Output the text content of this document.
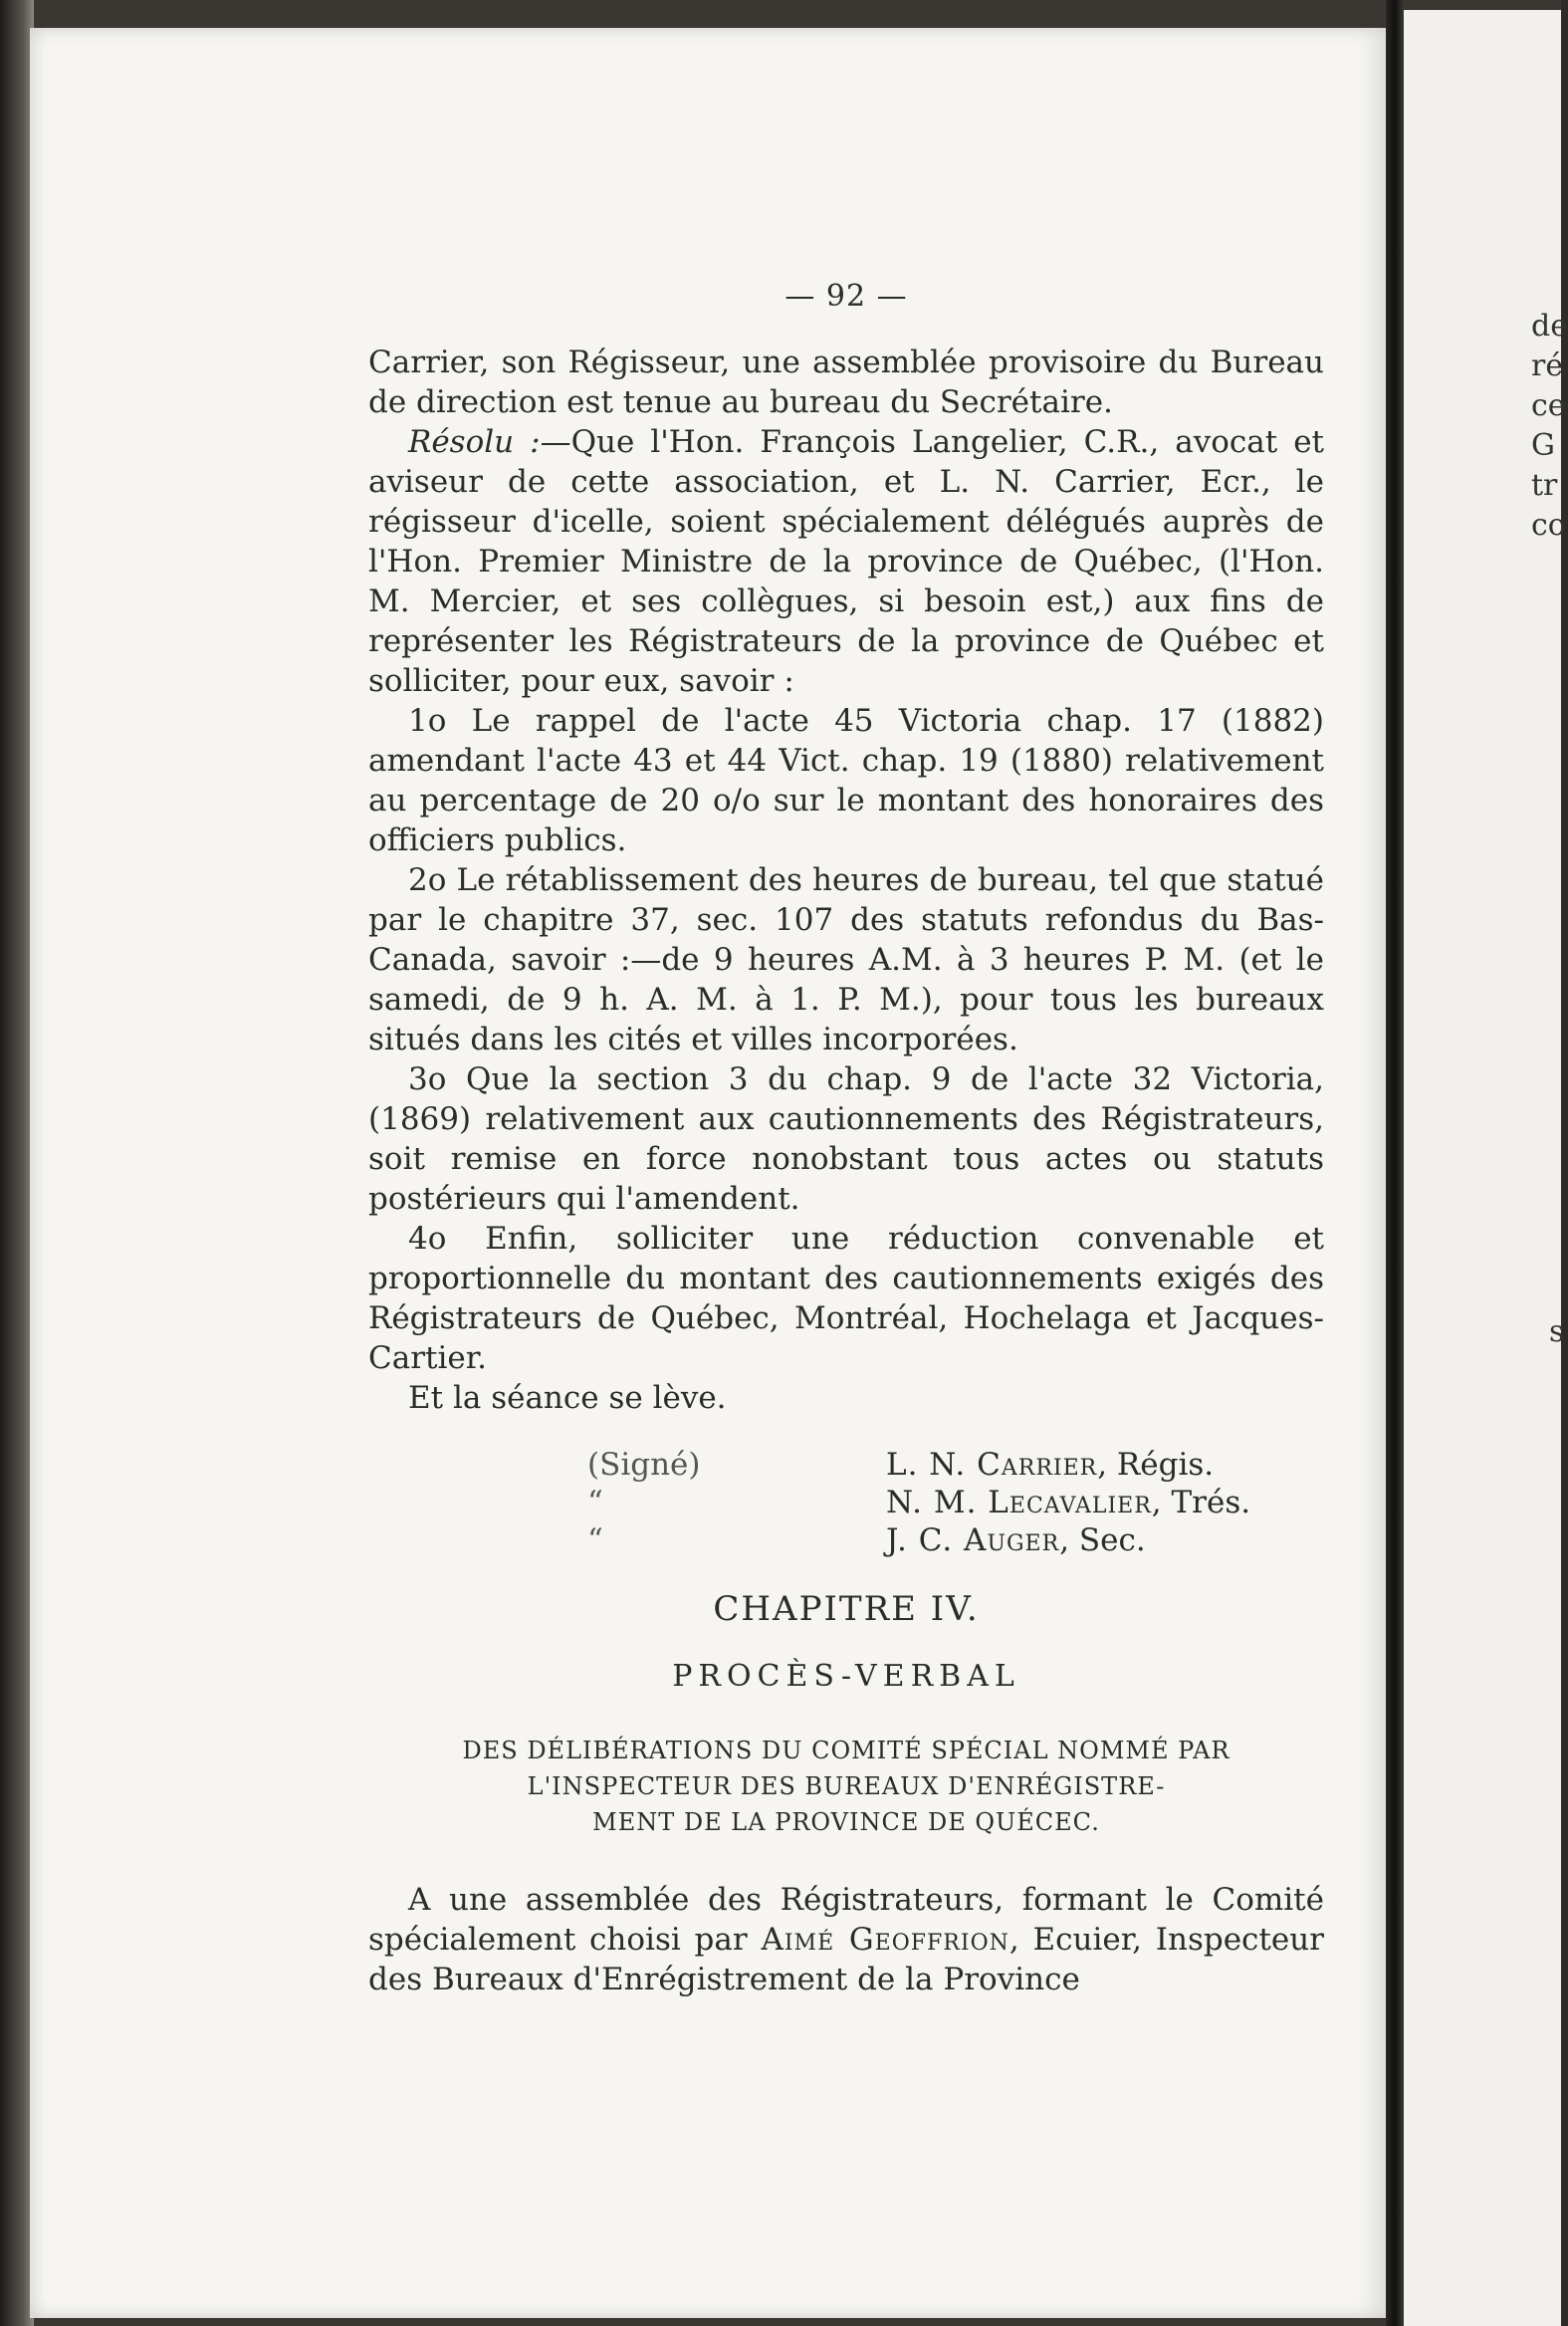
— 92 —

Carrier, son Régisseur, une assemblée provisoire du Bureau de direction est tenue au bureau du Secrétaire.

Résolu :—Que l'Hon. François Langelier, C.R., avocat et aviseur de cette association, et L. N. Carrier, Ecr., le régisseur d'icelle, soient spécialement délégués auprès de l'Hon. Premier Ministre de la province de Québec, (l'Hon. M. Mercier, et ses collègues, si besoin est,) aux fins de représenter les Régistrateurs de la province de Québec et solliciter, pour eux, savoir :

1o Le rappel de l'acte 45 Victoria chap. 17 (1882) amendant l'acte 43 et 44 Vict. chap. 19 (1880) relativement au percentage de 20 o/o sur le montant des honoraires des officiers publics.

2o Le rétablissement des heures de bureau, tel que statué par le chapitre 37, sec. 107 des statuts refondus du Bas-Canada, savoir :—de 9 heures A.M. à 3 heures P. M. (et le samedi, de 9 h. A. M. à 1. P. M.), pour tous les bureaux situés dans les cités et villes incorporées.

3o Que la section 3 du chap. 9 de l'acte 32 Victoria, (1869) relativement aux cautionnements des Régistrateurs, soit remise en force nonobstant tous actes ou statuts postérieurs qui l'amendent.

4o Enfin, solliciter une réduction convenable et proportionnelle du montant des cautionnements exigés des Régistrateurs de Québec, Montréal, Hochelaga et Jacques-Cartier.

Et la séance se lève.

(Signé)	L. N. Carrier, Régis.
“	N. M. Lecavalier, Trés.
“	J. C. Auger, Sec.
CHAPITRE IV.
PROCÈS-VERBAL
DES DÉLIBÉRATIONS DU COMITÉ SPÉCIAL NOMMÉ PAR
L'INSPECTEUR DES BUREAUX D'ENRÉGISTRE-
MENT DE LA PROVINCE DE QUÉCEC.

A une assemblée des Régistrateurs, formant le Comité spécialement choisi par Aimé Geoffrion, Ecuier, Inspecteur des Bureaux d'Enrégistrement de la Province

de
ré
ce
G
tr
co
s
